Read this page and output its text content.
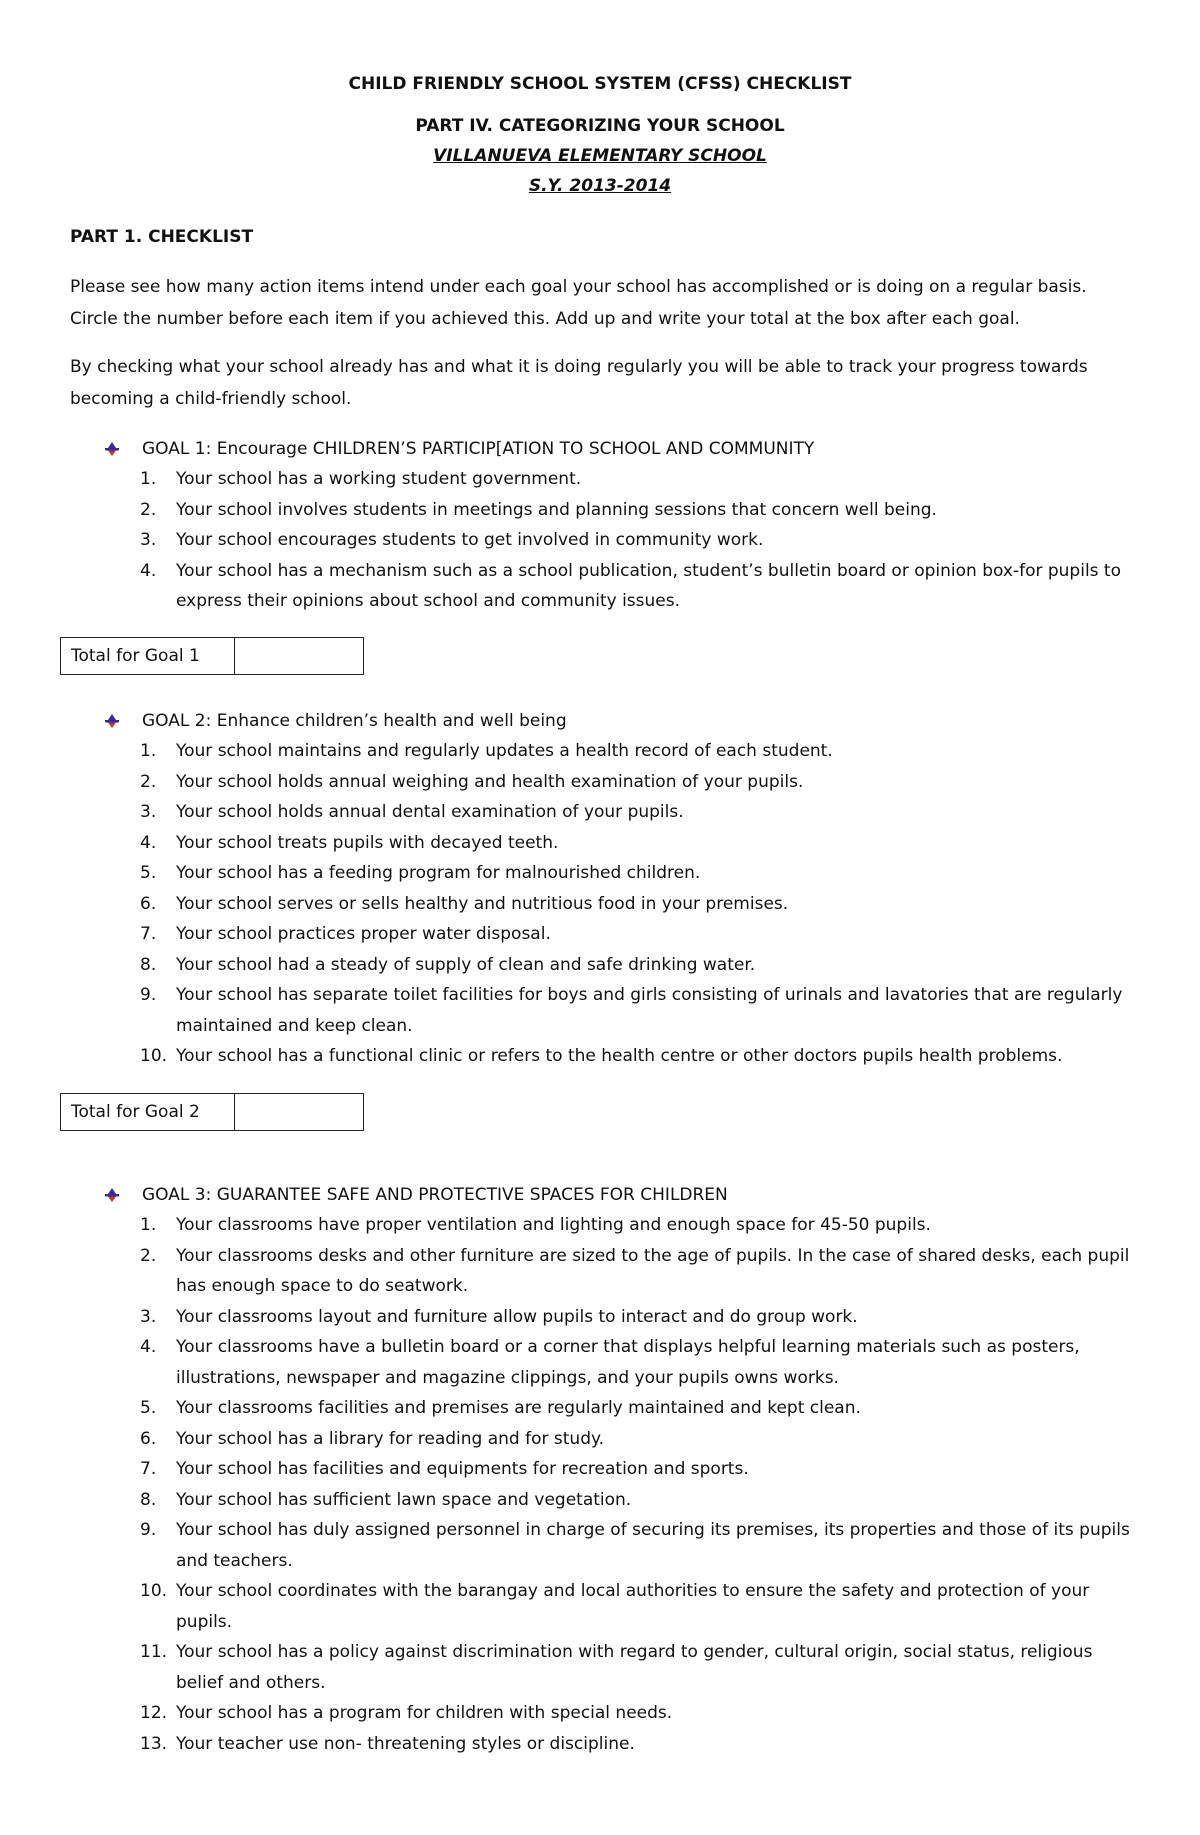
CHILD FRIENDLY SCHOOL SYSTEM (CFSS) CHECKLIST
PART IV. CATEGORIZING YOUR SCHOOL
VILLANUEVA ELEMENTARY SCHOOL
S.Y. 2013-2014
PART 1. CHECKLIST
Please see how many action items intend under each goal your school has accomplished or is doing on a regular basis. Circle the number before each item if you achieved this. Add up and write your total at the box after each goal.
By checking what your school already has and what it is doing regularly you will be able to track your progress towards becoming a child-friendly school.
GOAL 1: Encourage CHILDREN’S PARTICIP[ATION TO SCHOOL AND COMMUNITY
1.	Your school has a working student government.
2.	Your school involves students in meetings and planning sessions that concern well being.
3.	Your school encourages students to get involved in community work.
4.	Your school has a mechanism such as a school publication, student’s bulletin board or opinion box-for pupils to express their opinions about school and community issues.
Total for Goal 1	
GOAL 2: Enhance children’s health and well being
1.	Your school maintains and regularly updates a health record of each student.
2.	Your school holds annual weighing and health examination of your pupils.
3.	Your school holds annual dental examination of your pupils.
4.	Your school treats pupils with decayed teeth.
5.	Your school has a feeding program for malnourished children.
6.	Your school serves or sells healthy and nutritious food in your premises.
7.	Your school practices proper water disposal.
8.	Your school had a steady of supply of clean and safe drinking water.
9.	Your school has separate toilet facilities for boys and girls consisting of urinals and lavatories that are regularly maintained and keep clean.
10. Your school has a functional clinic or refers to the health centre or other doctors pupils health problems.
Total for Goal 2	
GOAL 3: GUARANTEE SAFE AND PROTECTIVE SPACES FOR CHILDREN
1.	Your classrooms have proper ventilation and lighting and enough space for 45-50 pupils.
2.	Your classrooms desks and other furniture are sized to the age of pupils. In the case of shared desks, each pupil has enough space to do seatwork.
3.	Your classrooms layout and furniture allow pupils to interact and do group work.
4.	Your classrooms have a bulletin board or a corner that displays helpful learning materials such as posters, illustrations, newspaper and magazine clippings, and your pupils owns works.
5.	Your classrooms facilities and premises are regularly maintained and kept clean.
6.	Your school has a library for reading and for study.
7.	Your school has facilities and equipments for recreation and sports.
8.	Your school has sufficient lawn space and vegetation.
9.	Your school has duly assigned personnel in charge of securing its premises, its properties and those of its pupils and teachers.
10. Your school coordinates with the barangay and local authorities to ensure the safety and protection of your pupils.
11. Your school has a policy against discrimination with regard to gender, cultural origin, social status, religious belief and others.
12. Your school has a program for children with special needs.
13. Your teacher use non- threatening styles or discipline.
